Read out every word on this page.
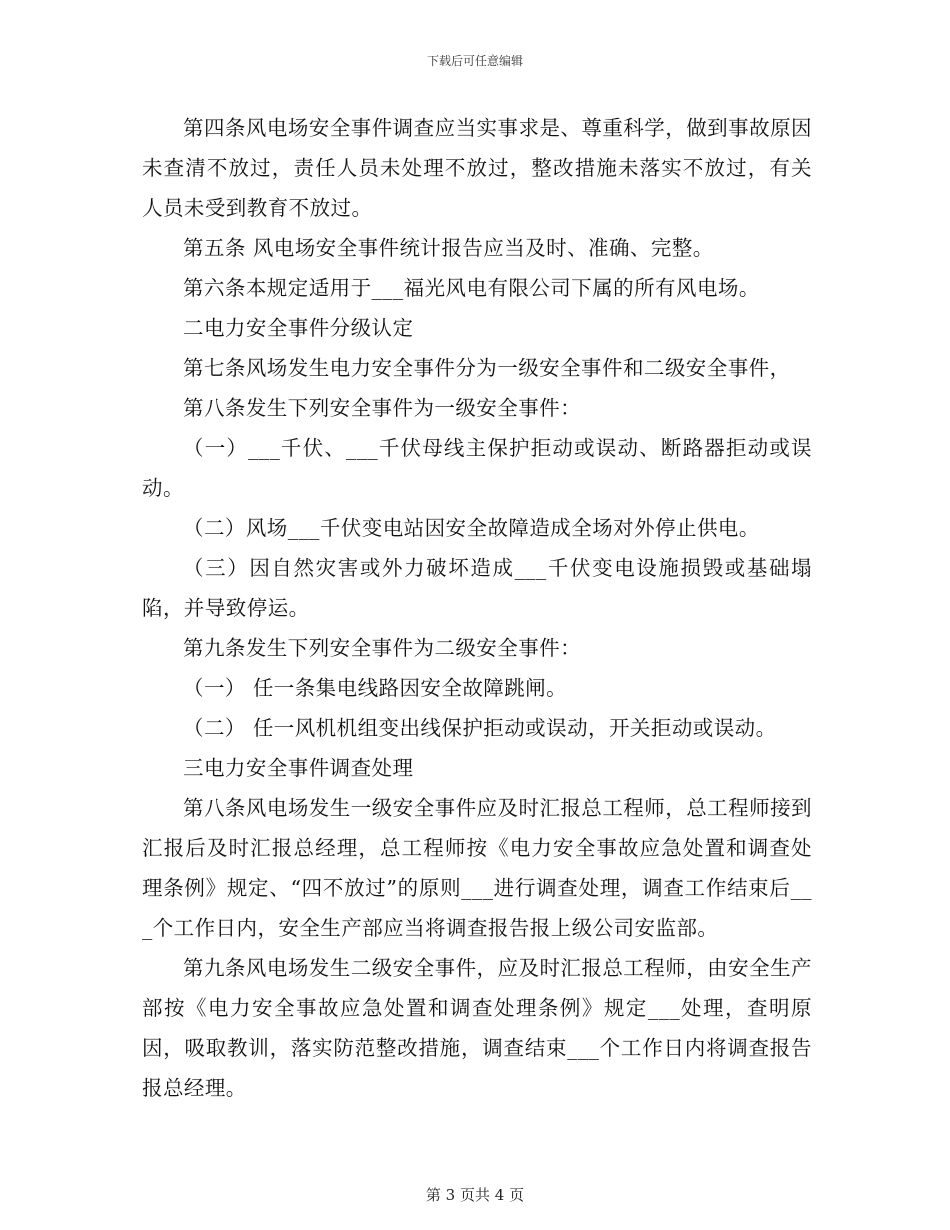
下载后可任意编辑

第四条风电场安全事件调查应当实事求是、尊重科学，做到事故原因未查清不放过，责任人员未处理不放过，整改措施未落实不放过，有关人员未受到教育不放过。

第五条 风电场安全事件统计报告应当及时、准确、完整。

第六条本规定适用于___福光风电有限公司下属的所有风电场。

二电力安全事件分级认定

第七条风场发生电力安全事件分为一级安全事件和二级安全事件，

第八条发生下列安全事件为一级安全事件：

（一）___千伏、___千伏母线主保护拒动或误动、断路器拒动或误动。

（二）风场___千伏变电站因安全故障造成全场对外停止供电。

（三）因自然灾害或外力破坏造成___千伏变电设施损毁或基础塌陷，并导致停运。

第九条发生下列安全事件为二级安全事件：

（一） 任一条集电线路因安全故障跳闸。

（二） 任一风机机组变出线保护拒动或误动，开关拒动或误动。

三电力安全事件调查处理

第八条风电场发生一级安全事件应及时汇报总工程师，总工程师接到汇报后及时汇报总经理，总工程师按《电力安全事故应急处置和调查处理条例》规定、“四不放过”的原则___进行调查处理，调查工作结束后___个工作日内，安全生产部应当将调查报告报上级公司安监部。

第九条风电场发生二级安全事件，应及时汇报总工程师，由安全生产部按《电力安全事故应急处置和调查处理条例》规定___处理，查明原因，吸取教训，落实防范整改措施，调查结束___个工作日内将调查报告报总经理。

第 3 页共 4 页
